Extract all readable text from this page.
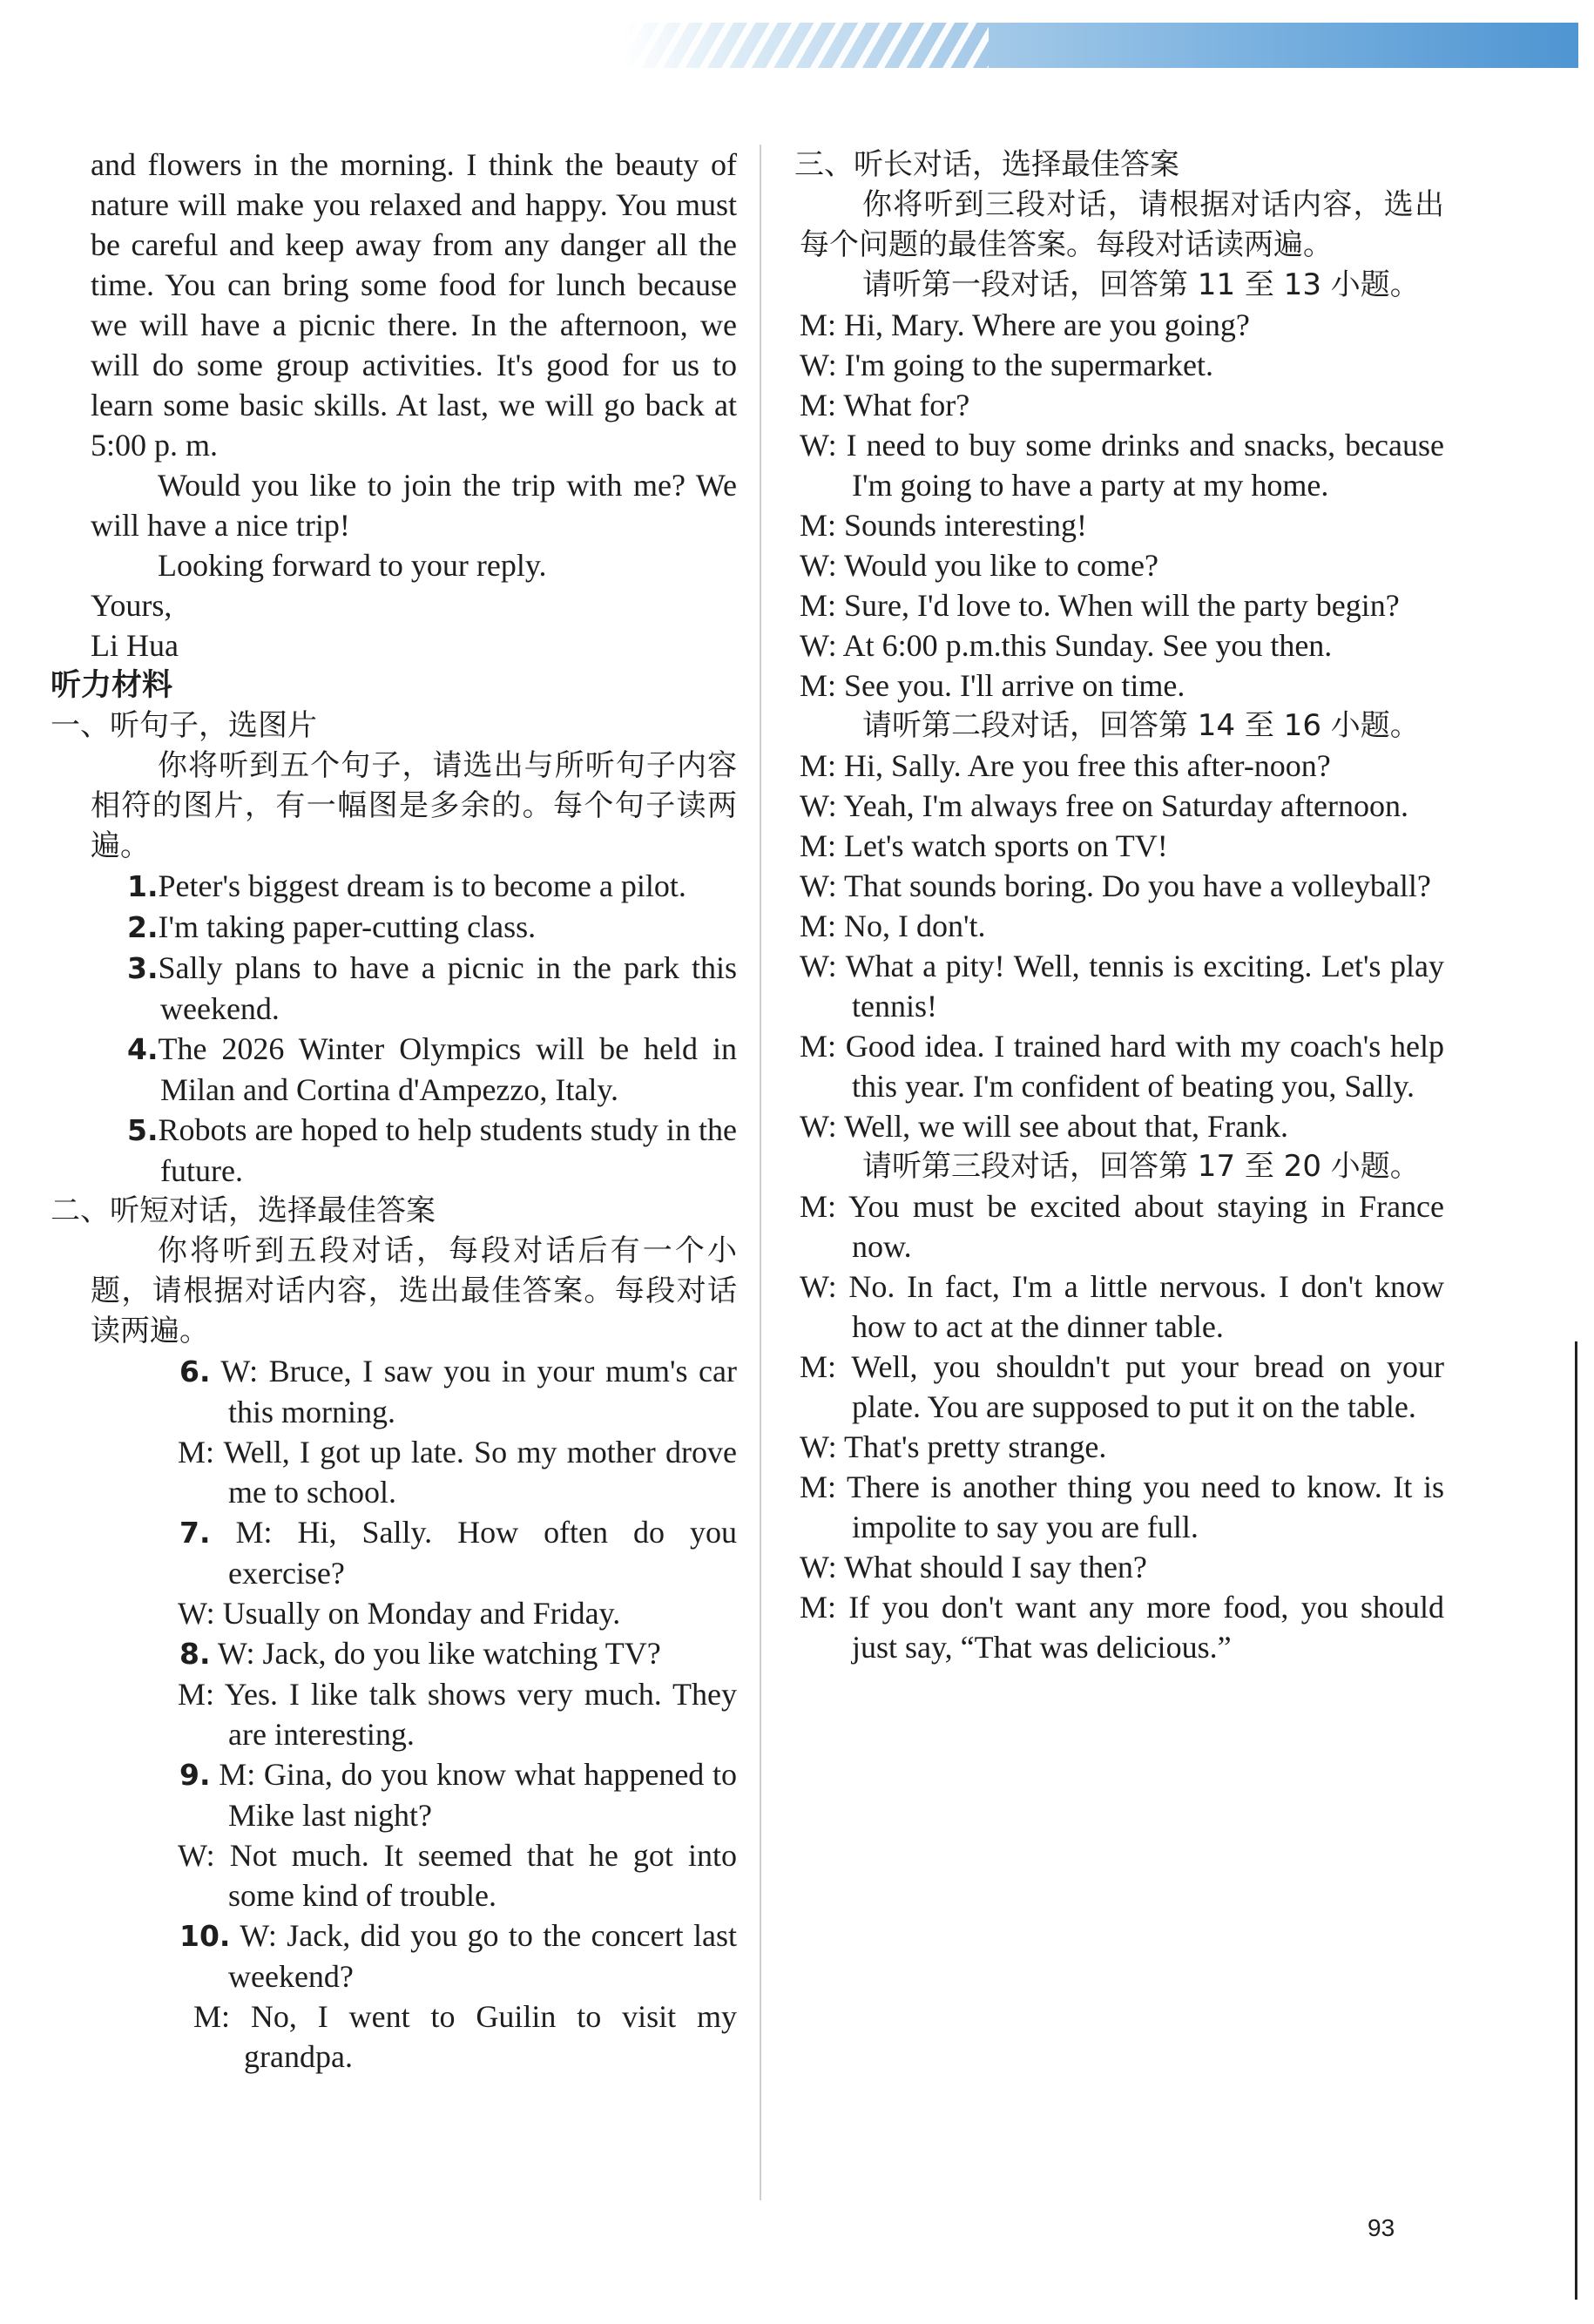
and flowers in the morning. I think the beauty of nature will make you relaxed and happy. You must be careful and keep away from any danger all the time. You can bring some food for lunch because we will have a picnic there. In the afternoon, we will do some group activities. It's good for us to learn some basic skills. At last, we will go back at 5:00 p. m.

Would you like to join the trip with me? We will have a nice trip!

Looking forward to your reply.

Yours,

Li Hua

听力材料

一、听句子，选图片

你将听到五个句子，请选出与所听句子内容相符的图片，有一幅图是多余的。每个句子读两遍。

1.Peter's biggest dream is to become a pilot.

2.I'm taking paper-cutting class.

3.Sally plans to have a picnic in the park this weekend.

4.The 2026 Winter Olympics will be held in Milan and Cortina d'Ampezzo, Italy.

5.Robots are hoped to help students study in the future.

二、听短对话，选择最佳答案

你将听到五段对话，每段对话后有一个小题，请根据对话内容，选出最佳答案。每段对话读两遍。

6. W: Bruce, I saw you in your mum's car this morning.

M: Well, I got up late. So my mother drove me to school.

7. M: Hi, Sally. How often do you exercise?

W: Usually on Monday and Friday.

8. W: Jack, do you like watching TV?

M: Yes. I like talk shows very much. They are interesting.

9. M: Gina, do you know what happened to Mike last night?

W: Not much. It seemed that he got into some kind of trouble.

10. W: Jack, did you go to the concert last weekend?

M: No, I went to Guilin to visit my grandpa.

三、听长对话，选择最佳答案

你将听到三段对话，请根据对话内容，选出每个问题的最佳答案。每段对话读两遍。

请听第一段对话，回答第 11 至 13 小题。

M: Hi, Mary. Where are you going?

W: I'm going to the supermarket.

M: What for?

W: I need to buy some drinks and snacks, because I'm going to have a party at my home.

M: Sounds interesting!

W: Would you like to come?

M: Sure, I'd love to. When will the party begin?

W: At 6:00 p.m.this Sunday. See you then.

M: See you. I'll arrive on time.

请听第二段对话，回答第 14 至 16 小题。

M: Hi, Sally. Are you free this after-noon?

W: Yeah, I'm always free on Saturday afternoon.

M: Let's watch sports on TV!

W: That sounds boring. Do you have a volleyball?

M: No, I don't.

W: What a pity! Well, tennis is exciting. Let's play tennis!

M: Good idea. I trained hard with my coach's help this year. I'm confident of beating you, Sally.

W: Well, we will see about that, Frank.

请听第三段对话，回答第 17 至 20 小题。

M: You must be excited about staying in France now.

W: No. In fact, I'm a little nervous. I don't know how to act at the dinner table.

M: Well, you shouldn't put your bread on your plate. You are supposed to put it on the table.

W: That's pretty strange.

M: There is another thing you need to know. It is impolite to say you are full.

W: What should I say then?

M: If you don't want any more food, you should just say, “That was delicious.”

93
